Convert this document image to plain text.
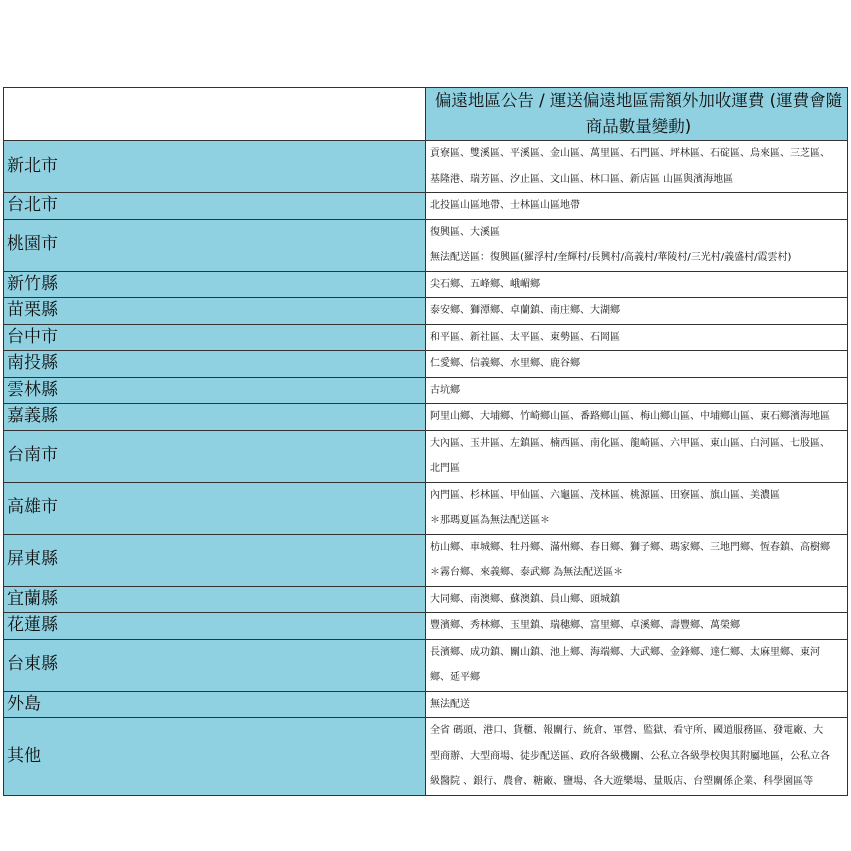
	偏遠地區公告 / 運送偏遠地區需額外加收運費 (運費會隨商品數量變動)
新北市	貢寮區、雙溪區、平溪區、金山區、萬里區、石門區、坪林區、石碇區、烏來區、三芝區、
基隆港、瑞芳區、汐止區、文山區、林口區、新店區 山區與濱海地區

台北市	北投區山區地帶、士林區山區地帶

桃園市	復興區、大溪區
無法配送區：復興區(羅浮村/奎輝村/長興村/高義村/華陵村/三光村/義盛村/霞雲村)

新竹縣	尖石鄉、五峰鄉、峨嵋鄉

苗栗縣	泰安鄉、獅潭鄉、卓蘭鎮、南庄鄉、大湖鄉

台中市	和平區、新社區、太平區、東勢區、石岡區

南投縣	仁愛鄉、信義鄉、水里鄉、鹿谷鄉

雲林縣	古坑鄉

嘉義縣	阿里山鄉、大埔鄉、竹崎鄉山區、番路鄉山區、梅山鄉山區、中埔鄉山區、東石鄉濱海地區

台南市	大內區、玉井區、左鎮區、楠西區、南化區、龍崎區、六甲區、東山區、白河區、七股區、
北門區

高雄市	內門區、杉林區、甲仙區、六龜區、茂林區、桃源區、田寮區、旗山區、美濃區
＊那瑪夏區為無法配送區＊

屏東縣	枋山鄉、車城鄉、牡丹鄉、滿州鄉、春日鄉、獅子鄉、瑪家鄉、三地門鄉、恆春鎮、高樹鄉
＊霧台鄉、來義鄉、泰武鄉 為無法配送區＊

宜蘭縣	大同鄉、南澳鄉、蘇澳鎮、員山鄉、頭城鎮

花蓮縣	豐濱鄉、秀林鄉、玉里鎮、瑞穗鄉、富里鄉、卓溪鄉、壽豐鄉、萬榮鄉

台東縣	長濱鄉、成功鎮、關山鎮、池上鄉、海端鄉、大武鄉、金鋒鄉、達仁鄉、太麻里鄉、東河
鄉、延平鄉

外島	無法配送

其他	全省 碼頭、港口、貨櫃、報關行、統倉、軍營、監獄、看守所、國道服務區、發電廠、大
型商辦、大型商場、徒步配送區、政府各級機關、公私立各級學校與其附屬地區，公私立各
級醫院 、銀行、農會、糖廠、鹽場、各大遊樂場、量販店、台塑關係企業、科學園區等
